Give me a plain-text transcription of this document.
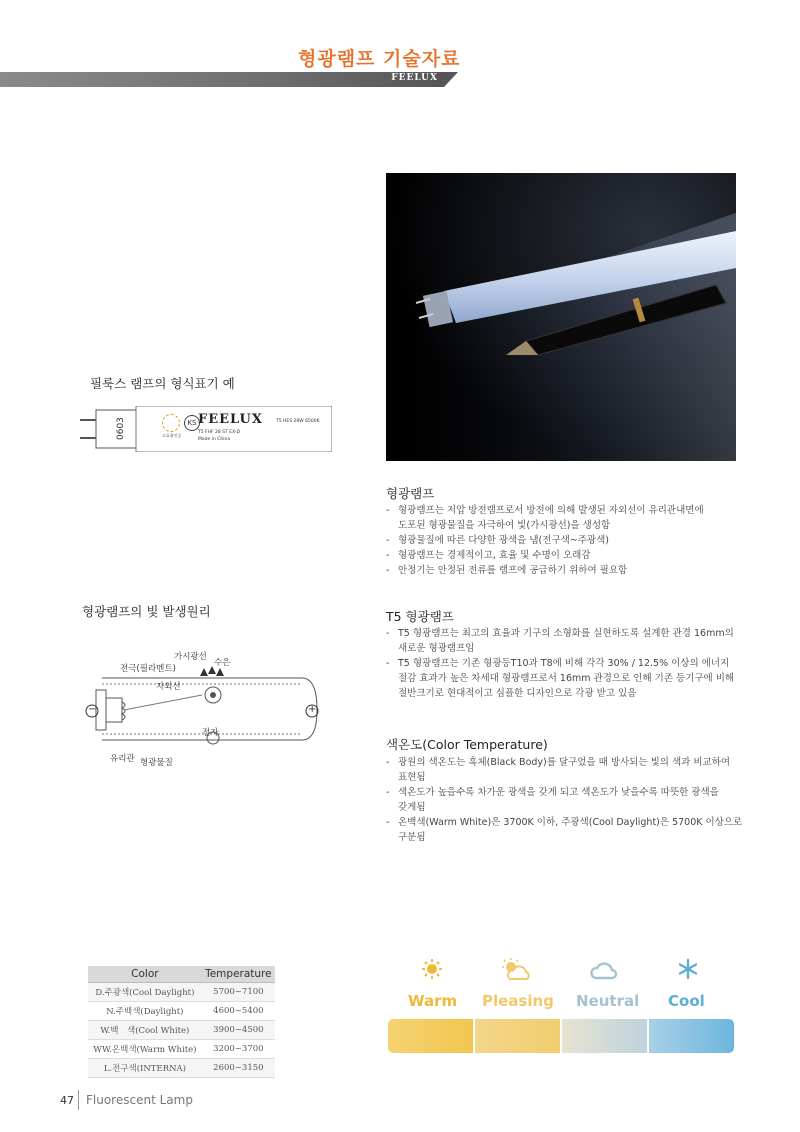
형광램프 기술자료
FEELUX
필룩스 램프의 형식표기 예
0603	KS
고효율인증
FEELUX
T5 FHF 28 ST EX-D
Made in China
T5 HES 28W 6500K
형광램프
- 형광램프는 저압 방전램프로서 방전에 의해 발생된 자외선이 유리관내면에
도포된 형광물질을 자극하여 빛(가시광선)을 생성함
- 형광물질에 따른 다양한 광색을 냄(전구색~주광색)
- 형광램프는 경제적이고, 효율 및 수명이 오래감
- 안정기는 안정된 전류를 램프에 공급하기 위하여 필요함
형광램프의 빛 발생원리
가시광선
수은
전극(필라멘트)
자외선
전자
유리관 형광물질
−	+
T5 형광램프
- T5 형광램프는 최고의 효율과 기구의 소형화를 실현하도록 설계한 관경 16mm의
새로운 형광램프임
- T5 형광램프는 기존 형광등T10과 T8에 비해 각각 30% / 12.5% 이상의 에너지
절감 효과가 높은 차세대 형광램프로서 16mm 관경으로 인해 기존 등기구에 비해
절반크기로 현대적이고 심플한 디자인으로 각광 받고 있음
색온도(Color Temperature)
- 광원의 색온도는 흑체(Black Body)를 달구었을 때 방사되는 빛의 색과 비교하여
표현됨
- 색온도가 높을수록 차가운 광색을 갖게 되고 색온도가 낮을수록 따뜻한 광색을
갖게됨
- 온백색(Warm White)은 3700K 이하, 주광색(Cool Daylight)은 5700K 이상으로
구분됨
Color	Temperature
D.주광색(Cool Daylight)	5700~7100
N.주백색(Daylight)	4600~5400
W.백　색(Cool White)	3900~4500
WW.온백색(Warm White)	3200~3700
L.전구색(INTERNA)	2600~3150
Warm Pleasing Neutral Cool
47 Fluorescent Lamp
